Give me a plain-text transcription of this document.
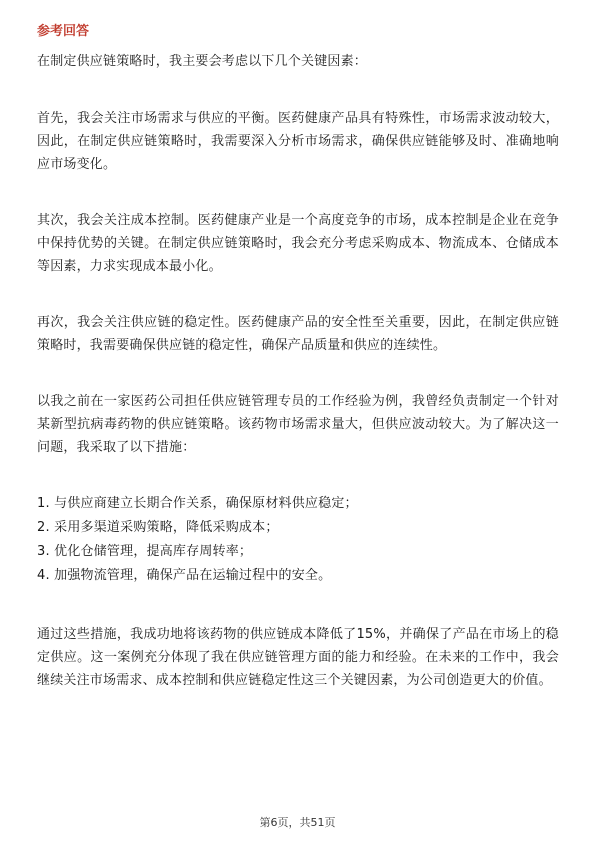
参考回答

在制定供应链策略时，我主要会考虑以下几个关键因素：

首先，我会关注市场需求与供应的平衡。医药健康产品具有特殊性，市场需求波动较大，因此，在制定供应链策略时，我需要深入分析市场需求，确保供应链能够及时、准确地响应市场变化。

其次，我会关注成本控制。医药健康产业是一个高度竞争的市场，成本控制是企业在竞争中保持优势的关键。在制定供应链策略时，我会充分考虑采购成本、物流成本、仓储成本等因素，力求实现成本最小化。

再次，我会关注供应链的稳定性。医药健康产品的安全性至关重要，因此，在制定供应链策略时，我需要确保供应链的稳定性，确保产品质量和供应的连续性。

以我之前在一家医药公司担任供应链管理专员的工作经验为例，我曾经负责制定一个针对某新型抗病毒药物的供应链策略。该药物市场需求量大，但供应波动较大。为了解决这一问题，我采取了以下措施：

1. 与供应商建立长期合作关系，确保原材料供应稳定；
2. 采用多渠道采购策略，降低采购成本；
3. 优化仓储管理，提高库存周转率；
4. 加强物流管理，确保产品在运输过程中的安全。

通过这些措施，我成功地将该药物的供应链成本降低了15%，并确保了产品在市场上的稳定供应。这一案例充分体现了我在供应链管理方面的能力和经验。在未来的工作中，我会继续关注市场需求、成本控制和供应链稳定性这三个关键因素，为公司创造更大的价值。

第6页，共51页
